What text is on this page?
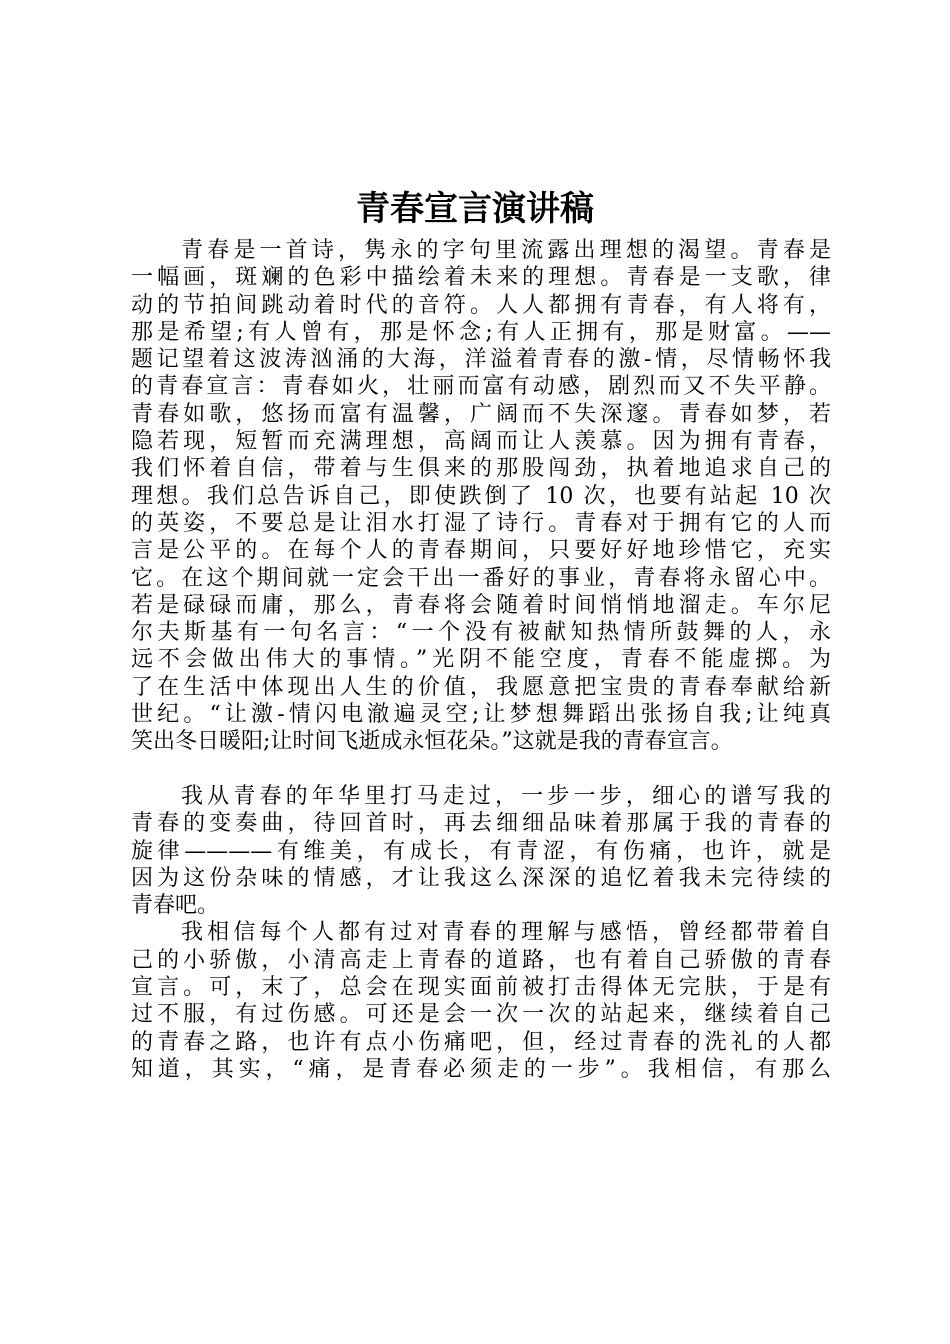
青春宣言演讲稿
青春是一首诗，隽永的字句里流露出理想的渴望。青春是
一幅画，斑斓的色彩中描绘着未来的理想。青春是一支歌，律
动的节拍间跳动着时代的音符。人人都拥有青春，有人将有，
那是希望;有人曾有，那是怀念;有人正拥有，那是财富。——
题记望着这波涛汹涌的大海，洋溢着青春的激-情，尽情畅怀我
的青春宣言：青春如火，壮丽而富有动感，剧烈而又不失平静。
青春如歌，悠扬而富有温馨，广阔而不失深邃。青春如梦，若
隐若现，短暂而充满理想，高阔而让人羡慕。因为拥有青春，
我们怀着自信，带着与生俱来的那股闯劲，执着地追求自己的
理想。我们总告诉自己，即使跌倒了 10 次，也要有站起 10 次
的英姿，不要总是让泪水打湿了诗行。青春对于拥有它的人而
言是公平的。在每个人的青春期间，只要好好地珍惜它，充实
它。在这个期间就一定会干出一番好的事业，青春将永留心中。
若是碌碌而庸，那么，青春将会随着时间悄悄地溜走。车尔尼
尔夫斯基有一句名言：“一个没有被献知热情所鼓舞的人，永
远不会做出伟大的事情。”光阴不能空度，青春不能虚掷。为
了在生活中体现出人生的价值，我愿意把宝贵的青春奉献给新
世纪。“让激-情闪电澈遍灵空;让梦想舞蹈出张扬自我;让纯真
笑出冬日暖阳;让时间飞逝成永恒花朵。”这就是我的青春宣言。
我从青春的年华里打马走过，一步一步，细心的谱写我的
青春的变奏曲，待回首时，再去细细品味着那属于我的青春的
旋律————有维美，有成长，有青涩，有伤痛，也许，就是
因为这份杂味的情感，才让我这么深深的追忆着我未完待续的
青春吧。
我相信每个人都有过对青春的理解与感悟，曾经都带着自
己的小骄傲，小清高走上青春的道路，也有着自己骄傲的青春
宣言。可，末了，总会在现实面前被打击得体无完肤，于是有
过不服，有过伤感。可还是会一次一次的站起来，继续着自己
的青春之路，也许有点小伤痛吧，但，经过青春的洗礼的人都
知道，其实，“痛，是青春必须走的一步”。我相信，有那么
